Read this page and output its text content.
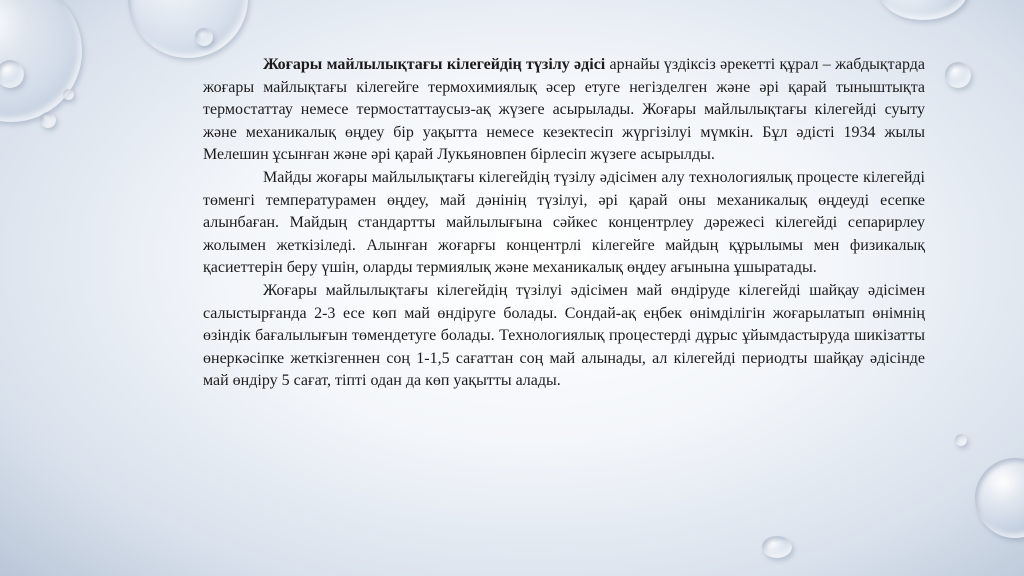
Жоғары майлылықтағы кілегейдің түзілу әдісі арнайы үздіксіз әрекетті құрал – жабдықтарда жоғары майлықтағы кілегейге термохимиялық әсер етуге негізделген және әрі қарай тыныштықта термостаттау немесе термостаттаусыз-ақ жүзеге асырылады. Жоғары майлылықтағы кілегейді суыту және механикалық өңдеу бір уақытта немесе кезектесіп жүргізілуі мүмкін. Бұл әдісті 1934 жылы Мелешин ұсынған және әрі қарай Лукьяновпен бірлесіп жүзеге асырылды.

Майды жоғары майлылықтағы кілегейдің түзілу әдісімен алу технологиялық процесте кілегейді төменгі температурамен өңдеу, май дәнінің түзілуі, әрі қарай оны механикалық өңдеуді есепке алынбаған. Майдың стандартты майлылығына сәйкес концентрлеу дәрежесі кілегейді сепарирлеу жолымен жеткізіледі. Алынған жоғарғы концентрлі кілегейге майдың құрылымы мен физикалық қасиеттерін беру үшін, оларды термиялық және механикалық өңдеу ағынына ұшыратады.

Жоғары майлылықтағы кілегейдің түзілуі әдісімен май өндіруде кілегейді шайқау әдісімен салыстырғанда 2-3 есе көп май өндіруге болады. Сондай-ақ еңбек өнімділігін жоғарылатып өнімнің өзіндік бағалылығын төмендетуге болады. Технологиялық процестерді дұрыс ұйымдастыруда шикізатты өнеркәсіпке жеткізгеннен соң 1-1,5 сағаттан соң май алынады, ал кілегейді периодты шайқау әдісінде май өндіру 5 сағат, тіпті одан да көп уақытты алады.
